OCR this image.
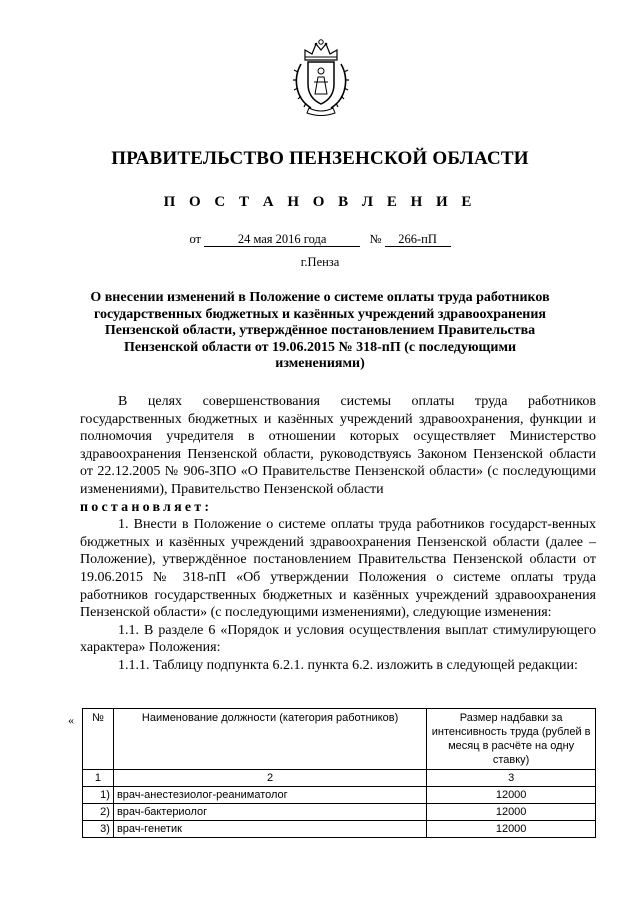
ПРАВИТЕЛЬСТВО ПЕНЗЕНСКОЙ ОБЛАСТИ
П О С Т А Н О В Л Е Н И Е
от	24 мая 2016 года	№ 266-пП
г.Пенза
О внесении изменений в Положение о системе оплаты труда работников государственных бюджетных и казённых учреждений здравоохранения Пензенской области, утверждённое постановлением Правительства Пензенской области от 19.06.2015 № 318-пП (с последующими изменениями)

В целях совершенствования системы оплаты труда работников государственных бюджетных и казённых учреждений здравоохранения, функции и полномочия учредителя в отношении которых осуществляет Министерство здравоохранения Пензенской области, руководствуясь Законом Пензенской области от 22.12.2005 № 906-ЗПО «О Правительстве Пензенской области» (с последующими изменениями), Правительство Пензенской области

постановляет:

1. Внести в Положение о системе оплаты труда работников государст-венных бюджетных и казённых учреждений здравоохранения Пензенской области (далее – Положение), утверждённое постановлением Правительства Пензенской области от 19.06.2015 № 318-пП «Об утверждении Положения о системе оплаты труда работников государственных бюджетных и казённых учреждений здравоохранения Пензенской области» (с последующими изменениями), следующие изменения:

1.1. В разделе 6 «Порядок и условия осуществления выплат стимулирующего характера» Положения:

1.1.1. Таблицу подпункта 6.2.1. пункта 6.2. изложить в следующей редакции:

« №	Наименование должности (категория работников)	Размер надбавки за интенсивность труда (рублей в месяц в расчёте на одну ставку)
1	2	3
1)	врач-анестезиолог-реаниматолог	12000
2)	врач-бактериолог	12000
3)	врач-генетик	12000
